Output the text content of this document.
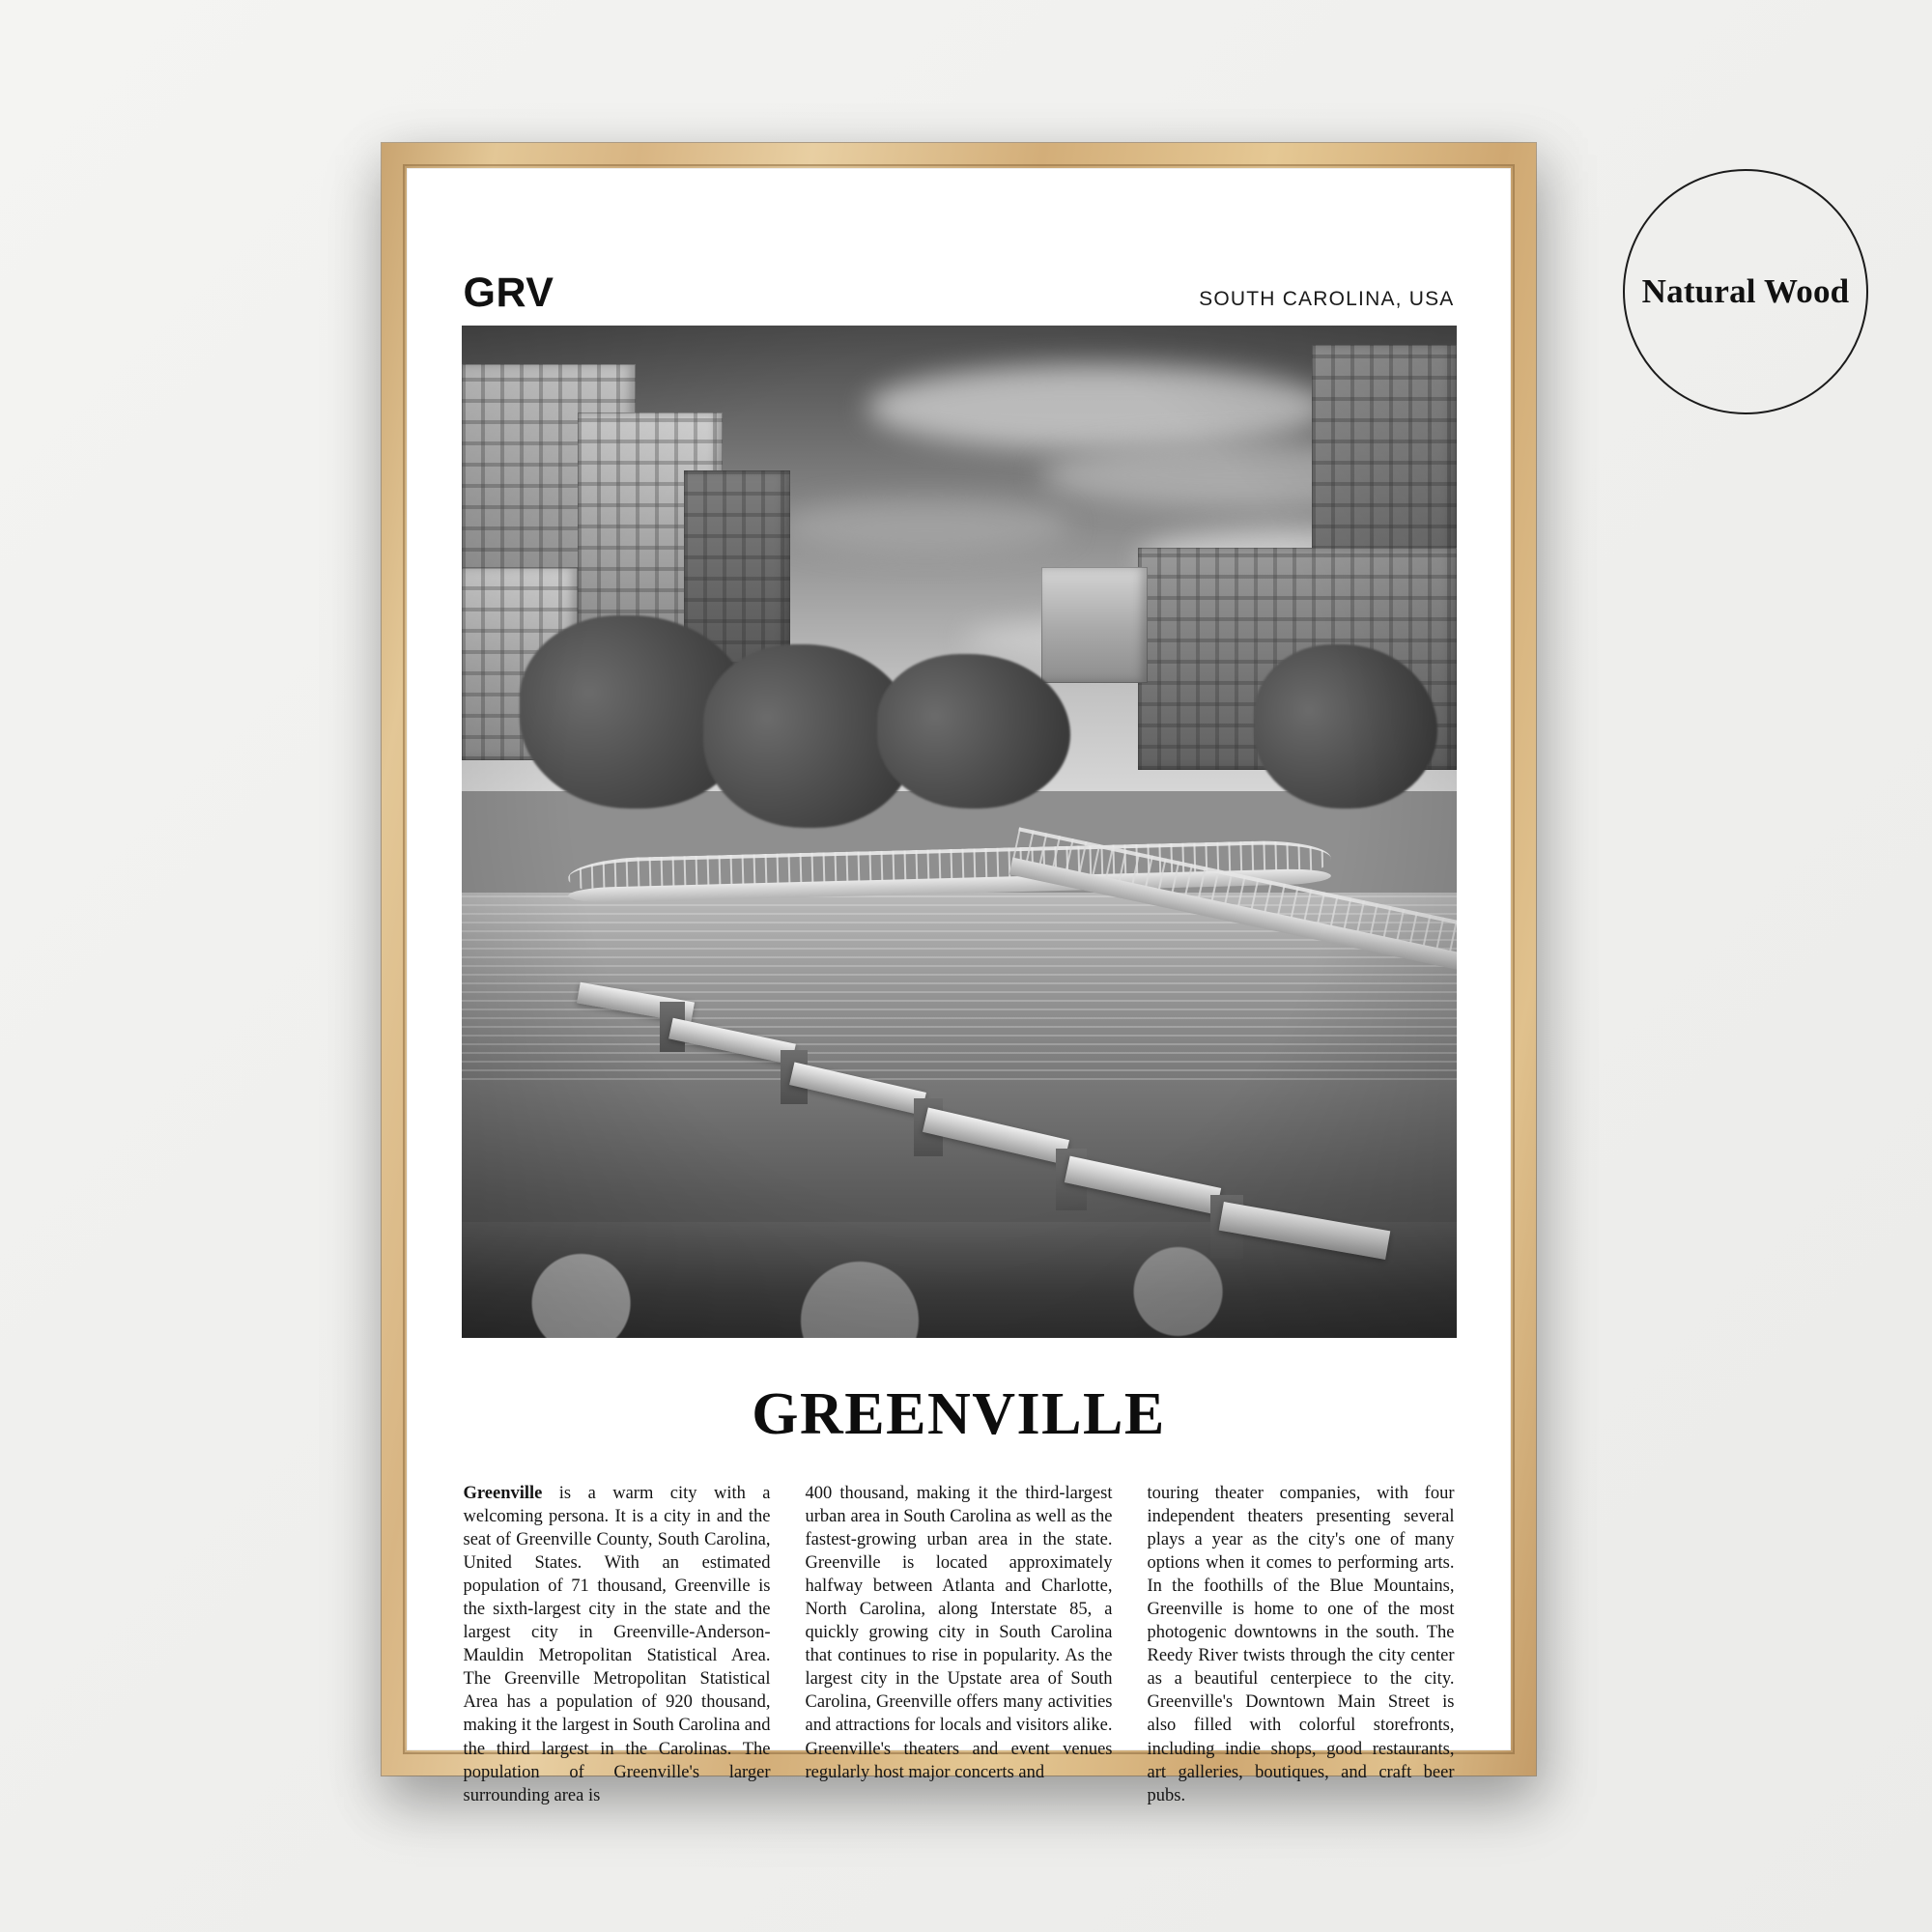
Natural Wood
GRV	SOUTH CAROLINA, USA
GREENVILLE
Greenville is a warm city with a welcoming persona. It is a city in and the seat of Greenville County, South Carolina, United States. With an estimated population of 71 thousand, Greenville is the sixth-largest city in the state and the largest city in Greenville-Anderson-Mauldin Metropolitan Statistical Area. The Greenville Metropolitan Statistical Area has a population of 920 thousand, making it the largest in South Carolina and the third largest in the Carolinas. The population of Greenville's larger surrounding area is
400 thousand, making it the third-largest urban area in South Carolina as well as the fastest-growing urban area in the state. Greenville is located approximately halfway between Atlanta and Charlotte, North Carolina, along Interstate 85, a quickly growing city in South Carolina that continues to rise in popularity. As the largest city in the Upstate area of South Carolina, Greenville offers many activities and attractions for locals and visitors alike. Greenville's theaters and event venues regularly host major concerts and
touring theater companies, with four independent theaters presenting several plays a year as the city's one of many options when it comes to performing arts. In the foothills of the Blue Mountains, Greenville is home to one of the most photogenic downtowns in the south. The Reedy River twists through the city center as a beautiful centerpiece to the city. Greenville's Downtown Main Street is also filled with colorful storefronts, including indie shops, good restaurants, art galleries, boutiques, and craft beer pubs.
